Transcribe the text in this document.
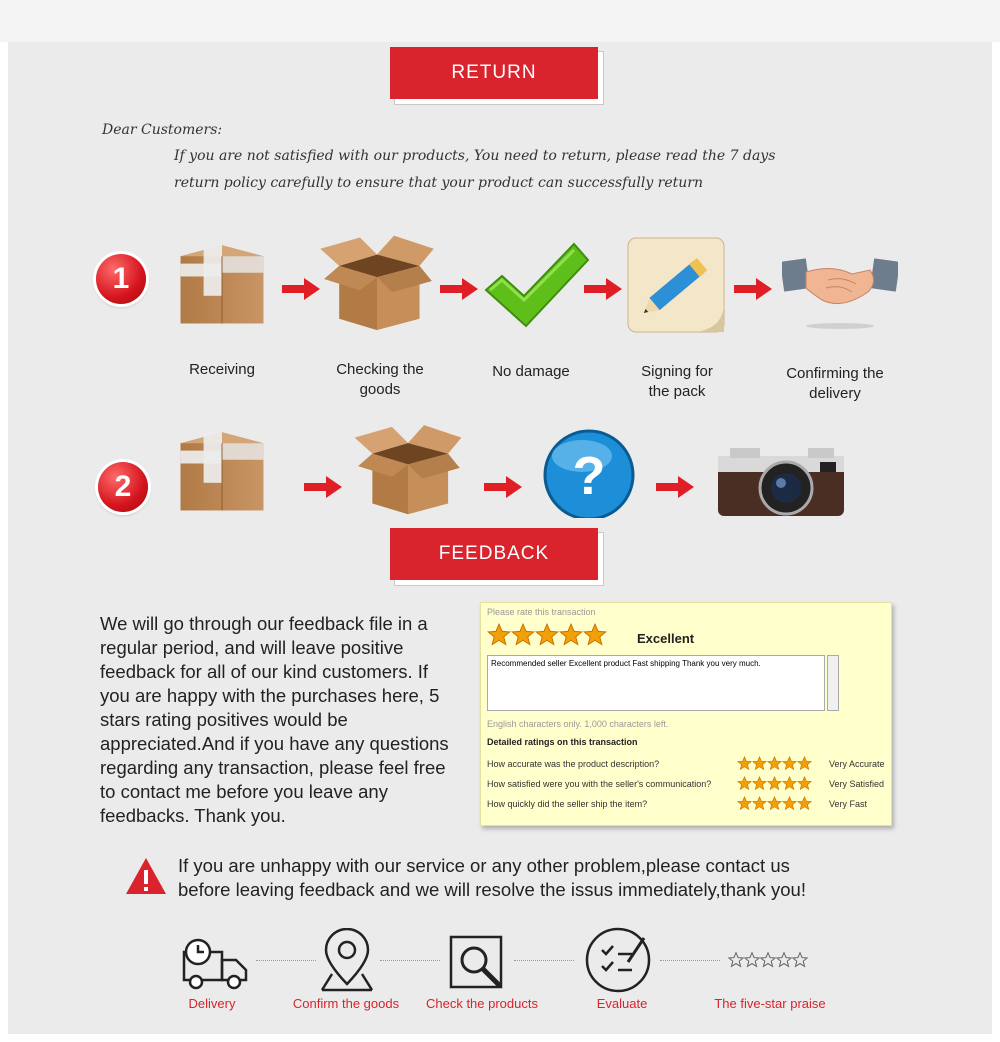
RETURN
Dear Customers:
If you are not satisfied with our products, You need to return, please read the 7 days
return policy carefully to ensure that your product can successfully return
1
Receiving	Checking the goods
No damage	Signing for the pack
Confirming the delivery
2	?
FEEDBACK
We will go through our feedback file in a regular period, and will leave positive feedback for all of our kind customers. If you are happy with the purchases here, 5 stars rating positives would be appreciated.And if you have any questions regarding any transaction, please feel free to contact me before you leave any feedbacks. Thank you.
Please rate this transaction
Excellent
Recommended seller Excellent product Fast shipping Thank you very much.
English characters only. 1,000 characters left.
Detailed ratings on this transaction
How accurate was the product description?	Very Accurate
How satisfied were you with the seller's communication?	Very Satisfied
How quickly did the seller ship the item?	Very Fast
If you are unhappy with our service or any other problem,please contact us
before leaving feedback and we will resolve the issus immediately,thank you!
Delivery	Confirm the goods	Check the products	Evaluate	The five-star praise
